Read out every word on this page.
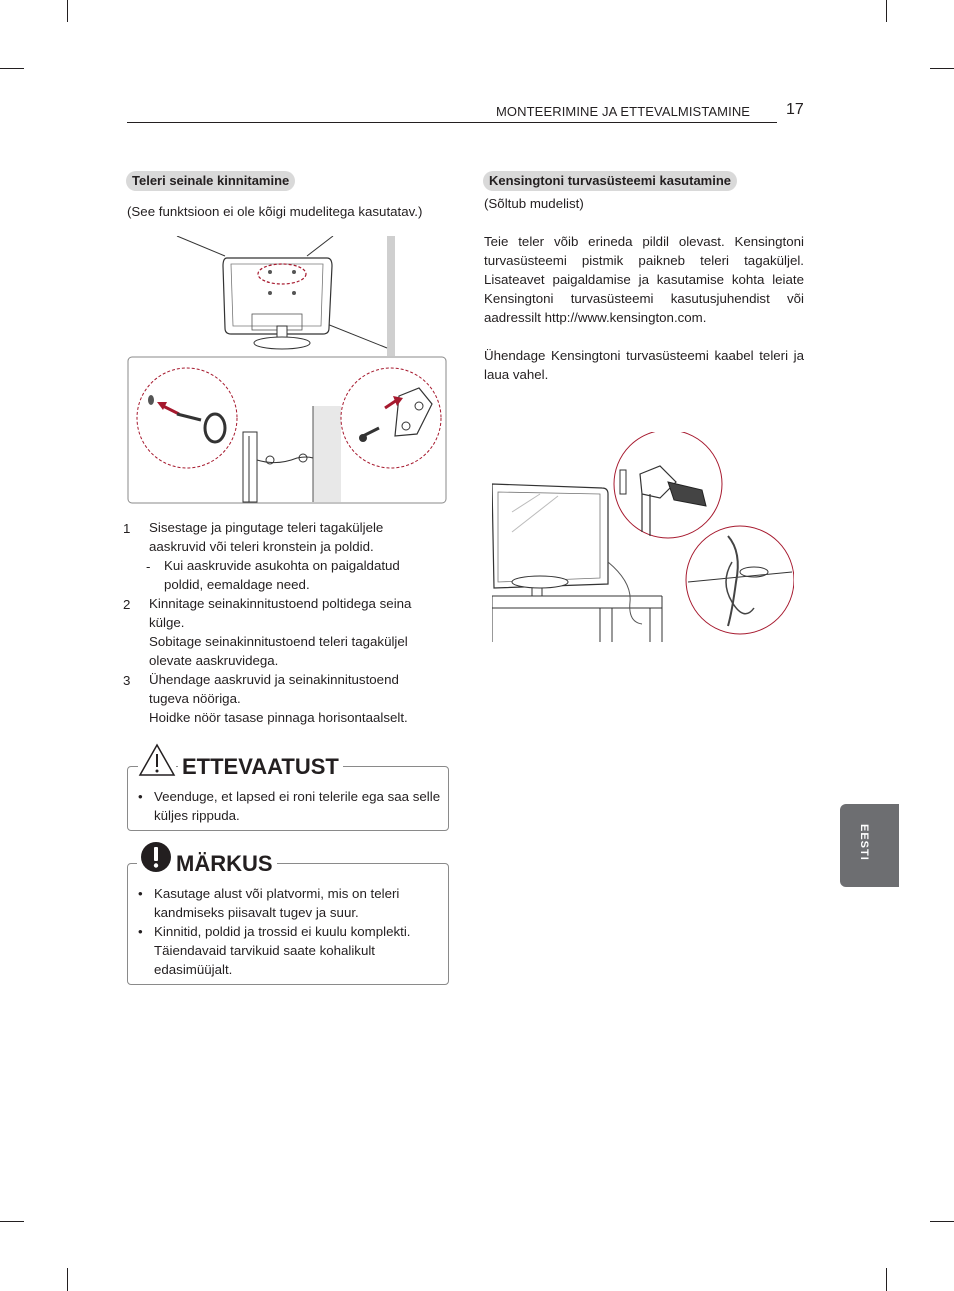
MONTEERIMINE JA ETTEVALMISTAMINE 17
Teleri seinale kinnitamine
(See funktsioon ei ole kõigi mudelitega kasutatav.)
1 Sisestage ja pingutage teleri tagaküljele
aaskruvid või teleri kronstein ja poldid.
- Kui aaskruvide asukohta on paigaldatud
poldid, eemaldage need.
2 Kinnitage seinakinnitustoend poltidega seina
külge.
Sobitage seinakinnitustoend teleri tagaküljel
olevate aaskruvidega.
3 Ühendage aaskruvid ja seinakinnitustoend
tugeva nööriga.
Hoidke nöör tasase pinnaga horisontaalselt.
• Veenduge, et lapsed ei roni telerile ega saa selle küljes rippuda.
ETTEVAATUST
• Kasutage alust või platvormi, mis on teleri kandmiseks piisavalt tugev ja suur.
• Kinnitid, poldid ja trossid ei kuulu komplekti. Täiendavaid tarvikuid saate kohalikult edasimüüjalt.
MÄRKUS
Kensingtoni turvasüsteemi kasutamine
(Sõltub mudelist)
Teie teler võib erineda pildil olevast. Kensingtoni turvasüsteemi pistmik paikneb teleri tagaküljel. Lisateavet paigaldamise ja kasutamise kohta leiate Kensingtoni turvasüsteemi kasutusjuhendist või aadressilt http://www.kensington.com.
Ühendage Kensingtoni turvasüsteemi kaabel teleri ja laua vahel.
EESTI
